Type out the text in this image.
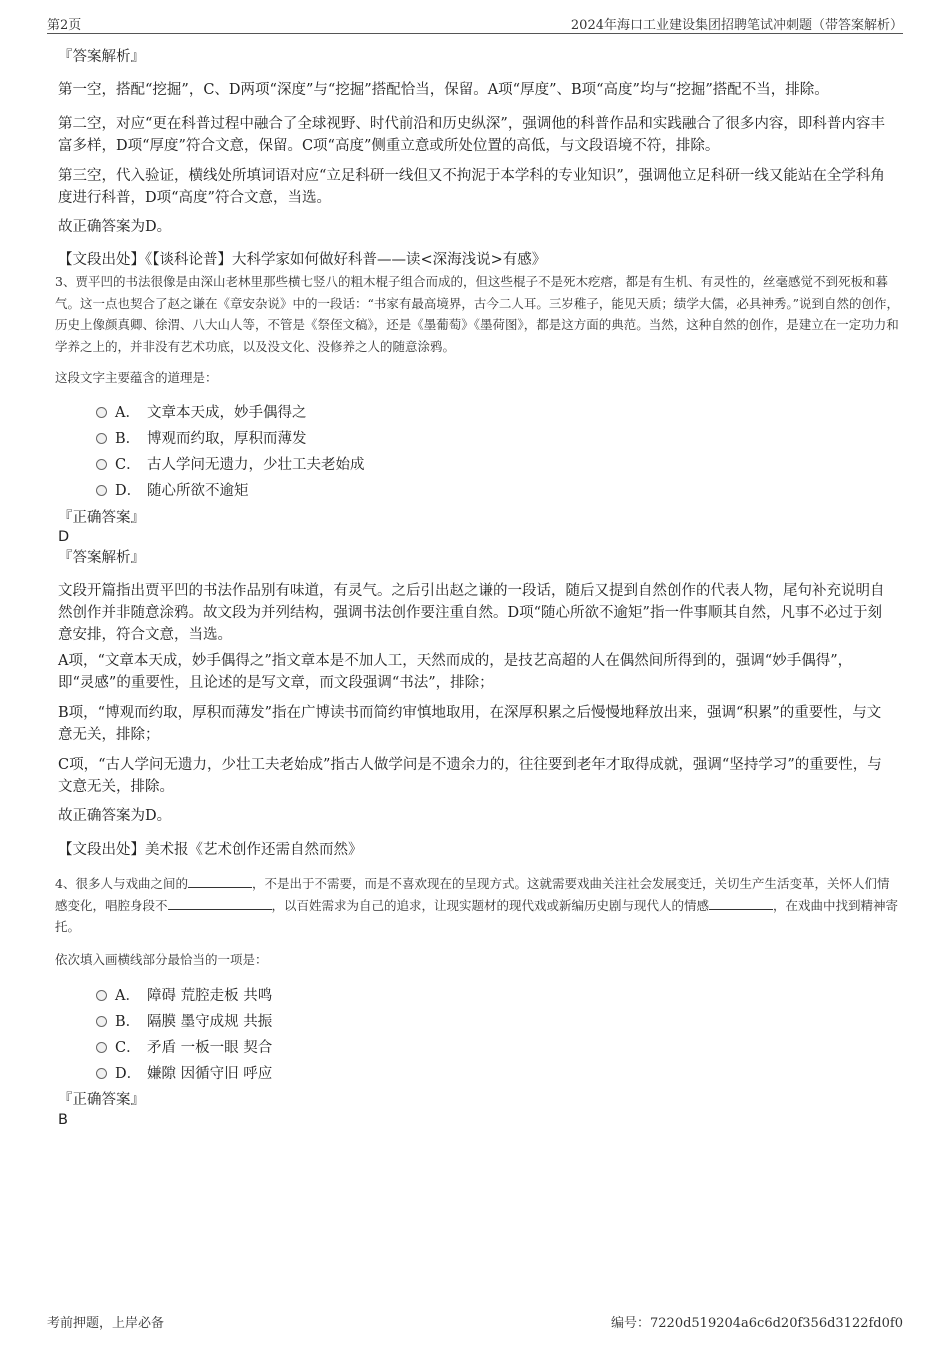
第2页	2024年海口工业建设集团招聘笔试冲刺题（带答案解析）
『答案解析』
第一空，搭配“挖掘”，C、D两项“深度”与“挖掘”搭配恰当，保留。A项“厚度”、B项“高度”均与“挖掘”搭配不当，排除。
第二空，对应“更在科普过程中融合了全球视野、时代前沿和历史纵深”，强调他的科普作品和实践融合了很多内容，即科普内容丰富多样，D项“厚度”符合文意，保留。C项“高度”侧重立意或所处位置的高低，与文段语境不符，排除。
第三空，代入验证，横线处所填词语对应“立足科研一线但又不拘泥于本学科的专业知识”，强调他立足科研一线又能站在全学科角度进行科普，D项“高度”符合文意，当选。
故正确答案为D。
【文段出处】《【谈科论普】大科学家如何做好科普——读<深海浅说>有感》
3、贾平凹的书法很像是由深山老林里那些横七竖八的粗木棍子组合而成的，但这些棍子不是死木疙瘩，都是有生机、有灵性的，丝毫感觉不到死板和暮气。这一点也契合了赵之谦在《章安杂说》中的一段话：“书家有最高境界，古今二人耳。三岁稚子，能见天质；绩学大儒，必具神秀。”说到自然的创作，历史上像颜真卿、徐渭、八大山人等，不管是《祭侄文稿》，还是《墨葡萄》《墨荷图》，都是这方面的典范。当然，这种自然的创作，是建立在一定功力和学养之上的，并非没有艺术功底，以及没文化、没修养之人的随意涂鸦。
这段文字主要蕴含的道理是：
A． 文章本天成，妙手偶得之
B． 博观而约取，厚积而薄发
C． 古人学问无遗力，少壮工夫老始成
D． 随心所欲不逾矩
『正确答案』
D
『答案解析』
文段开篇指出贾平凹的书法作品别有味道，有灵气。之后引出赵之谦的一段话，随后又提到自然创作的代表人物，尾句补充说明自然创作并非随意涂鸦。故文段为并列结构，强调书法创作要注重自然。D项“随心所欲不逾矩”指一件事顺其自然，凡事不必过于刻意安排，符合文意，当选。
A项，“文章本天成，妙手偶得之”指文章本是不加人工，天然而成的，是技艺高超的人在偶然间所得到的，强调“妙手偶得”，即“灵感”的重要性，且论述的是写文章，而文段强调“书法”，排除；
B项，“博观而约取，厚积而薄发”指在广博读书而简约审慎地取用，在深厚积累之后慢慢地释放出来，强调“积累”的重要性，与文意无关，排除；
C项，“古人学问无遗力，少壮工夫老始成”指古人做学问是不遗余力的，往往要到老年才取得成就，强调“坚持学习”的重要性，与文意无关，排除。
故正确答案为D。
【文段出处】美术报《艺术创作还需自然而然》
4、很多人与戏曲之间的	，不是出于不需要，而是不喜欢现在的呈现方式。这就需要戏曲关注社会发展变迁，关切生产生活变革，关怀人们情感变化，唱腔身段不	，以百姓需求为自己的追求，让现实题材的现代戏或新编历史剧与现代人的情感	，在戏曲中找到精神寄托。
依次填入画横线部分最恰当的一项是：
A． 障碍 荒腔走板 共鸣
B． 隔膜 墨守成规 共振
C． 矛盾 一板一眼 契合
D． 嫌隙 因循守旧 呼应
『正确答案』
B
考前押题，上岸必备	编号：7220d519204a6c6d20f356d3122fd0f0
